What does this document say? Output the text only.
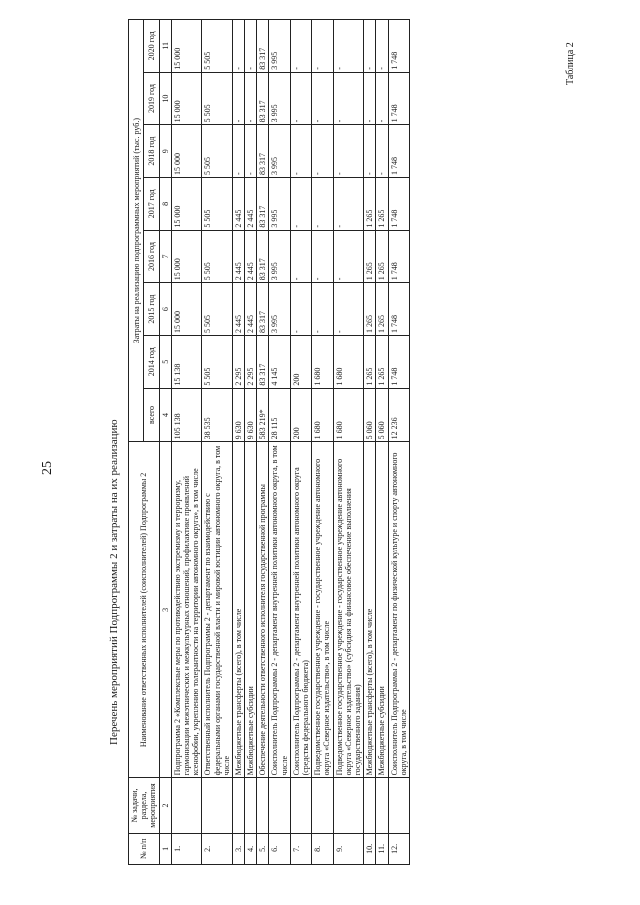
25
Таблица 2
Перечень мероприятий Подпрограммы 2 и затраты на их реализацию
№ п/п	№ задачи, раздела, мероприятия	Наименование ответственных исполнителей (соисполнителей) Подпрограммы 2	Затраты на реализацию подпрограммных мероприятий (тыс. руб.)							
			всего	2014 год	2015 год	2016 год	2017 год	2018 год	2019 год	2020 год
1	2	3	4	5	6	7	8	9	10	11
1.		Подпрограмма 2 «Комплексные меры по противодействию экстремизму и терроризму, гармонизации межэтнических и межкультурных отношений, профилактике проявлений ксенофобии, укреплению толерантности на территории автономного округа», в том числе	105 138	15 138	15 000	15 000	15 000	15 000	15 000	15 000
2.		Ответственный исполнитель Подпрограммы 2 - департамент по взаимодействию с федеральными органами государственной власти и мировой юстиции автономного округа, в том числе	38 535	5 505	5 505	5 505	5 505	5 505	5 505	5 505
3.		Межбюджетные трансферты (всего), в том числе	9 630	2 295	2 445	2 445	2 445	-	-	-
4.		Межбюджетные субсидии	9 630	2 295	2 445	2 445	2 445	-	-	-
5.		Обеспечение деятельности ответственного исполнителя государственной программы	583 219*	83 317	83 317	83 317	83 317	83 317	83 317	83 317
6.		Соисполнитель Подпрограммы 2 - департамент внутренней политики автономного округа, в том числе	28 115	4 145	3 995	3 995	3 995	3 995	3 995	3 995
7.		Соисполнитель Подпрограммы 2 - департамент внутренней политики автономного округа (средства федерального бюджета)	200	200	-	-	-	-	-	-
8.		Подведомственное государственное учреждение - государственное учреждение автономного округа «Северное издательство», в том числе	1 680	1 680	-	-	-	-	-	-
9.		Подведомственное государственное учреждение - государственное учреждение автономного округа «Северное издательство» (субсидия на финансовое обеспечение выполнения государственного задания)	1 680	1 680	-	-	-	-	-	-
10.		Межбюджетные трансферты (всего), в том числе	5 060	1 265	1 265	1 265	1 265	-	-	-
11.		Межбюджетные субсидии	5 060	1 265	1 265	1 265	1 265	-	-	-
12.		Соисполнитель Подпрограммы 2 - департамент по физической культуре и спорту автономного округа, в том числе	12 236	1 748	1 748	1 748	1 748	1 748	1 748	1 748
